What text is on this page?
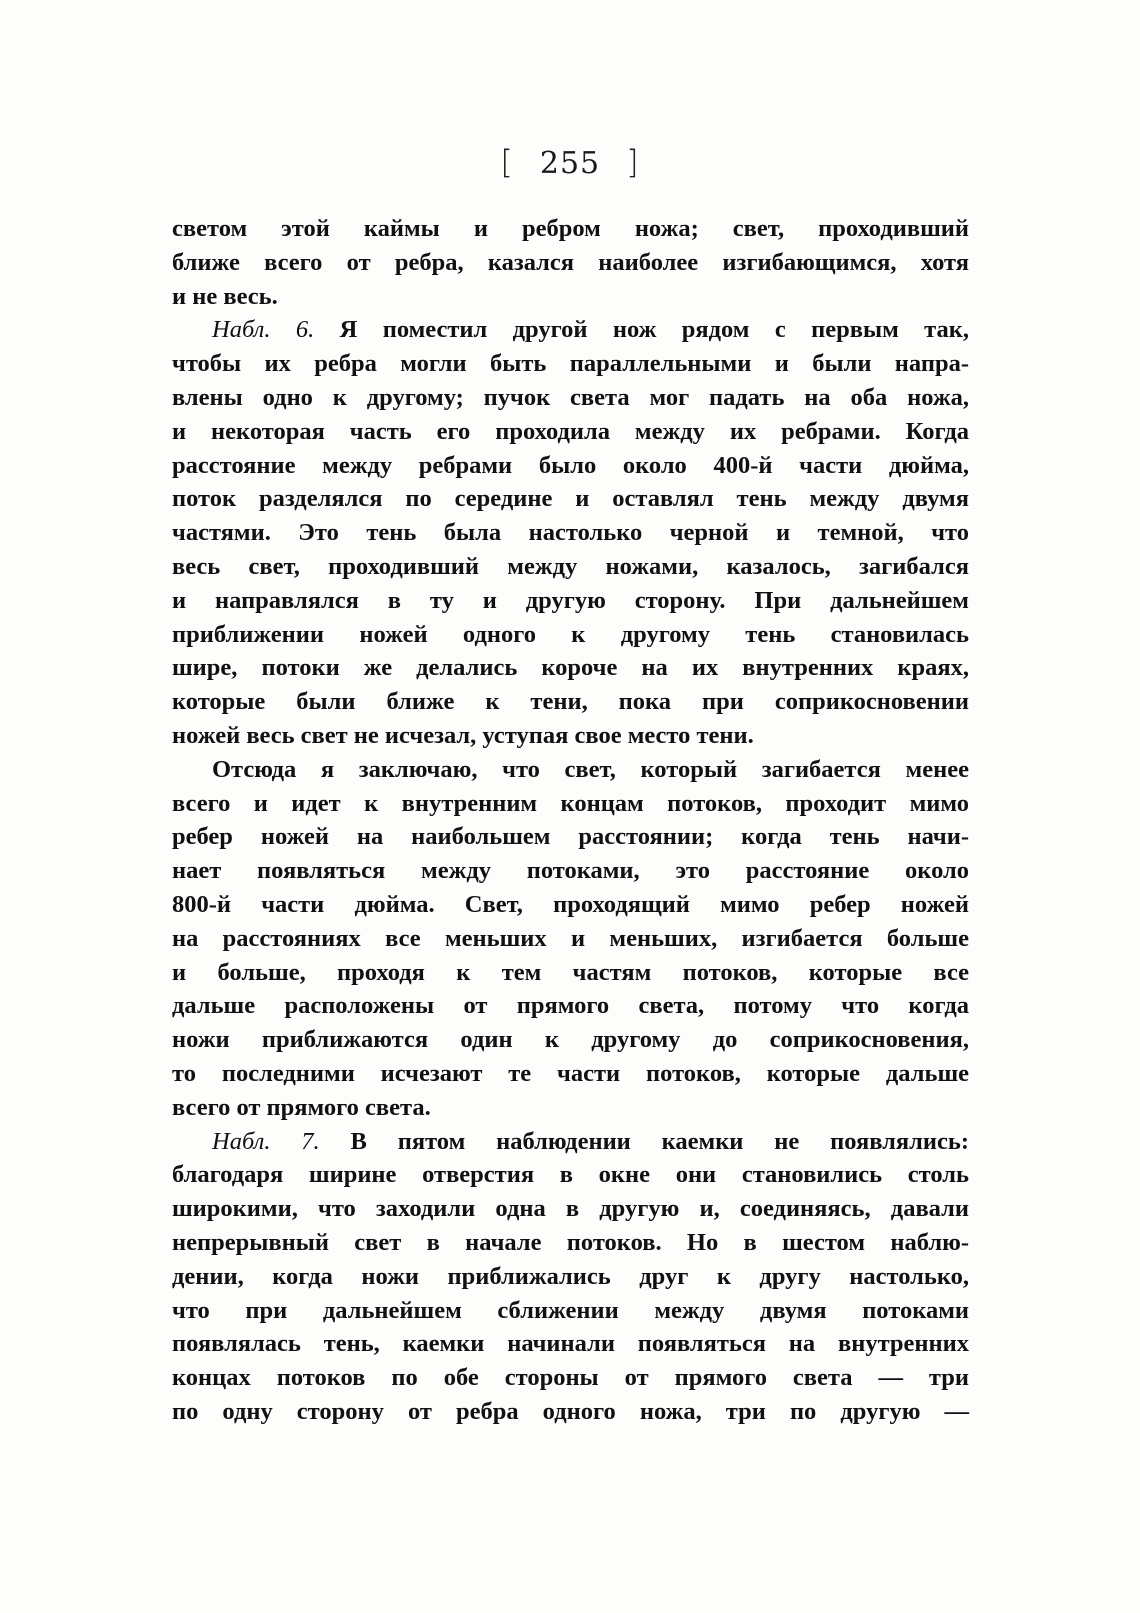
[ 255 ]
светом этой каймы и ребром ножа; свет, проходивший
ближе всего от ребра, казался наиболее изгибающимся, хотя
и не весь.
Набл. 6. Я поместил другой нож рядом с первым так,
чтобы их ребра могли быть параллельными и были напра-
влены одно к другому; пучок света мог падать на оба ножа,
и некоторая часть его проходила между их ребрами. Когда
расстояние между ребрами было около 400-й части дюйма,
поток разделялся по середине и оставлял тень между двумя
частями. Это тень была настолько черной и темной, что
весь свет, проходивший между ножами, казалось, загибался
и направлялся в ту и другую сторону. При дальнейшем
приближении ножей одного к другому тень становилась
шире, потоки же делались короче на их внутренних краях,
которые были ближе к тени, пока при соприкосновении
ножей весь свет не исчезал, уступая свое место тени.
Отсюда я заключаю, что свет, который загибается менее
всего и идет к внутренним концам потоков, проходит мимо
ребер ножей на наибольшем расстоянии; когда тень начи-
нает появляться между потоками, это расстояние около
800-й части дюйма. Свет, проходящий мимо ребер ножей
на расстояниях все меньших и меньших, изгибается больше
и больше, проходя к тем частям потоков, которые все
дальше расположены от прямого света, потому что когда
ножи приближаются один к другому до соприкосновения,
то последними исчезают те части потоков, которые дальше
всего от прямого света.
Набл. 7. В пятом наблюдении каемки не появлялись:
благодаря ширине отверстия в окне они становились столь
широкими, что заходили одна в другую и, соединяясь, давали
непрерывный свет в начале потоков. Но в шестом наблю-
дении, когда ножи приближались друг к другу настолько,
что при дальнейшем сближении между двумя потоками
появлялась тень, каемки начинали появляться на внутренних
концах потоков по обе стороны от прямого света — три
по одну сторону от ребра одного ножа, три по другую —
